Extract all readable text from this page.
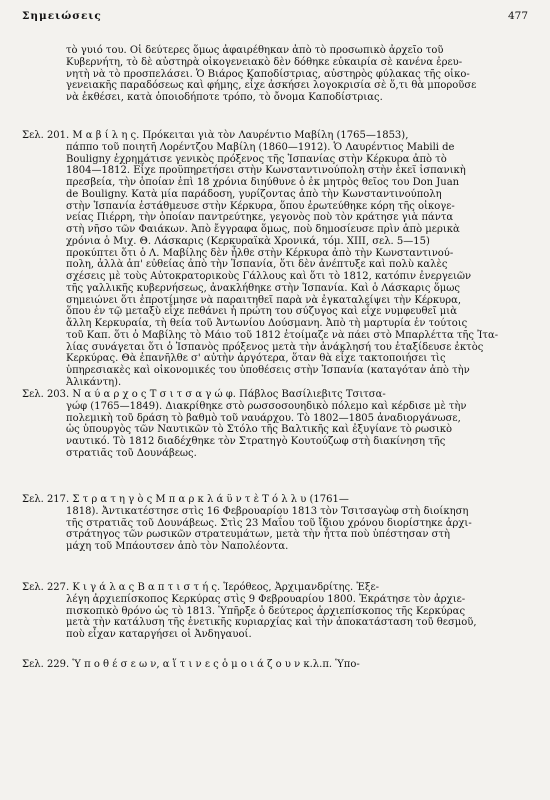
Σημειώσεις	477
τὸ γυιό του. Οἱ δεύτερες ὅμως ἀφαιρέθηκαν ἀπὸ τὸ προσωπικὸ ἀρχεῖο τοῦ
Κυβερνήτη, τὸ δὲ αὐστηρὰ οἰκογενειακὸ δὲν δόθηκε εὐκαιρία σὲ κανένα ἐρευ-
νητὴ νὰ τὸ προσπελάσει. Ὁ Βιάρος Καποδίστριας, αὐστηρὸς φύλακας τῆς οἰκο-
γενειακῆς παραδόσεως καὶ φήμης, εἶχε ἀσκήσει λογοκρισία σὲ ὅ,τι θὰ μποροῦσε
νὰ ἐκθέσει, κατὰ ὁποιοδήποτε τρόπο, τὸ ὄνομα Καποδίστριας.
Σελ. 201. Μ α β ί λ η ς. Πρόκειται γιὰ τὸν Λαυρέντιο Μαβίλη (1765—1853),
πάππο τοῦ ποιητῆ Λορέντζου Μαβίλη (1860—1912). Ὁ Λαυρέντιος Mabili de
Bouligny ἐχρημάτισε γενικὸς πρόξενος τῆς Ἱσπανίας στὴν Κέρκυρα ἀπὸ τὸ
1804—1812. Εἶχε προϋπηρετήσει στὴν Κωνσταντινούπολη στὴν ἐκεῖ ἱσπανικὴ
πρεσβεία, τὴν ὁποίαν ἐπὶ 18 χρόνια διηύθυνε ὁ ἐκ μητρὸς θεῖος του Don Juan
de Bouligny. Κατὰ μία παράδοση, γυρίζοντας ἀπὸ τὴν Κωνσταντινούπολη
στὴν Ἱσπανία ἐστάθμευσε στὴν Κέρκυρα, ὅπου ἐρωτεύθηκε κόρη τῆς οἰκογε-
νείας Πιέρρη, τὴν ὁποίαν παντρεύτηκε, γεγονὸς ποὺ τὸν κράτησε γιὰ πάντα
στὴ νῆσο τῶν Φαιάκων. Ἀπὸ ἔγγραφα ὅμως, ποὺ δημοσίευσε πρὶν ἀπὸ μερικὰ
χρόνια ὁ Μιχ. Θ. Λάσκαρις (Κερκυραϊκὰ Χρονικά, τόμ. XIII, σελ. 5—15)
προκύπτει ὅτι ὁ Λ. Μαβίλης δὲν ἦλθε στὴν Κέρκυρα ἀπὸ τὴν Κωνσταντινού-
πολη, ἀλλὰ ἀπ' εὐθείας ἀπὸ τὴν Ἱσπανία, ὅτι δὲν ἀνέπτυξε καὶ πολὺ καλὲς
σχέσεις μὲ τοὺς Αὐτοκρατορικοὺς Γάλλους καὶ ὅτι τὸ 1812, κατόπιν ἐνεργειῶν
τῆς γαλλικῆς κυβερνήσεως, ἀνακλήθηκε στὴν Ἱσπανία. Καὶ ὁ Λάσκαρις ὅμως
σημειώνει ὅτι ἐπροτίμησε νὰ παραιτηθεῖ παρὰ νὰ ἐγκαταλείψει τὴν Κέρκυρα,
ὅπου ἐν τῷ μεταξὺ εἶχε πεθάνει ἡ πρώτη του σύζυγος καὶ εἶχε νυμφευθεῖ μιὰ
ἄλλη Κερκυραία, τὴ θεία τοῦ Ἀντωνίου Δούσμανη. Ἀπὸ τὴ μαρτυρία ἐν τούτοις
τοῦ Καπ. ὅτι ὁ Μαβίλης τὸ Μάιο τοῦ 1812 ἑτοίμαζε νὰ πάει στὸ Μπαρλέττα τῆς Ἰτα-
λίας συνάγεται ὅτι ὁ Ἱσπανὸς πρόξενος μετὰ τὴν ἀνάκλησή του ἐταξίδευσε ἐκτὸς
Κερκύρας. Θὰ ἐπανῆλθε σ' αὐτὴν ἀργότερα, ὅταν θὰ εἶχε τακτοποιήσει τὶς
ὑπηρεσιακὲς καὶ οἰκονομικές του ὑποθέσεις στὴν Ἱσπανία (καταγόταν ἀπὸ τὴν
Ἀλικάντη).
Σελ. 203. Ν α ύ α ρ χ ο ς Τ σ ι τ σ α γ ώ φ. Πάβλος Βασίλιεβιτς Τσιτσα-
γώφ (1765—1849). Διακρίθηκε στὸ ρωσσοσουηδικὸ πόλεμο καὶ κέρδισε μὲ τὴν
πολεμικὴ τοῦ δράση τὸ βαθμὸ τοῦ ναυάρχου. Τὸ 1802—1805 ἀναδιοργάνωσε,
ὡς ὑπουργὸς τῶν Ναυτικῶν τὸ Στόλο τῆς Βαλτικῆς καὶ ἐξυγίανε τὸ ρωσικὸ
ναυτικό. Τὸ 1812 διαδέχθηκε τὸν Στρατηγὸ Κουτούζωφ στὴ διακίνηση τῆς
στρατιᾶς τοῦ Δουνάβεως.
Σελ. 217. Σ τ ρ α τ η γ ὸ ς Μ π α ρ κ λ ά ϋ ν τ ὲ Τ ό λ λ υ (1761—
1818). Ἀντικατέστησε στὶς 16 Φεβρουαρίου 1813 τὸν Τσιτσαγὼφ στὴ διοίκηση
τῆς στρατιᾶς τοῦ Δουνάβεως. Στὶς 23 Μαΐου τοῦ ἴδιου χρόνου διορίστηκε ἀρχι-
στράτηγος τῶν ρωσικῶν στρατευμάτων, μετὰ τὴν ἧττα ποὺ ὑπέστησαν στὴ
μάχη τοῦ Μπάουτσεν ἀπὸ τὸν Ναπολέοντα.
Σελ. 227. Κ ι γ ά λ α ς Β α π τ ι σ τ ή ς. Ἱερόθεος, Ἀρχιμανδρίτης. Ἐξε-
λέγη ἀρχιεπίσκοπος Κερκύρας στὶς 9 Φεβρουαρίου 1800. Ἐκράτησε τὸν ἀρχιε-
πισκοπικὸ θρόνο ὡς τὸ 1813. Ὑπῆρξε ὁ δεύτερος ἀρχιεπίσκοπος τῆς Κερκύρας
μετὰ τὴν κατάλυση τῆς ἐνετικῆς κυριαρχίας καὶ τὴν ἀποκατάσταση τοῦ θεσμοῦ,
ποὺ εἶχαν καταργήσει οἱ Ἀνδηγαυοί.
Σελ. 229. Ὑ π ο θ έ σ ε ω ν, α ἵ τ ι ν ε ς ὁ μ ο ι ά ζ ο υ ν κ.λ.π. Ὑπο-
